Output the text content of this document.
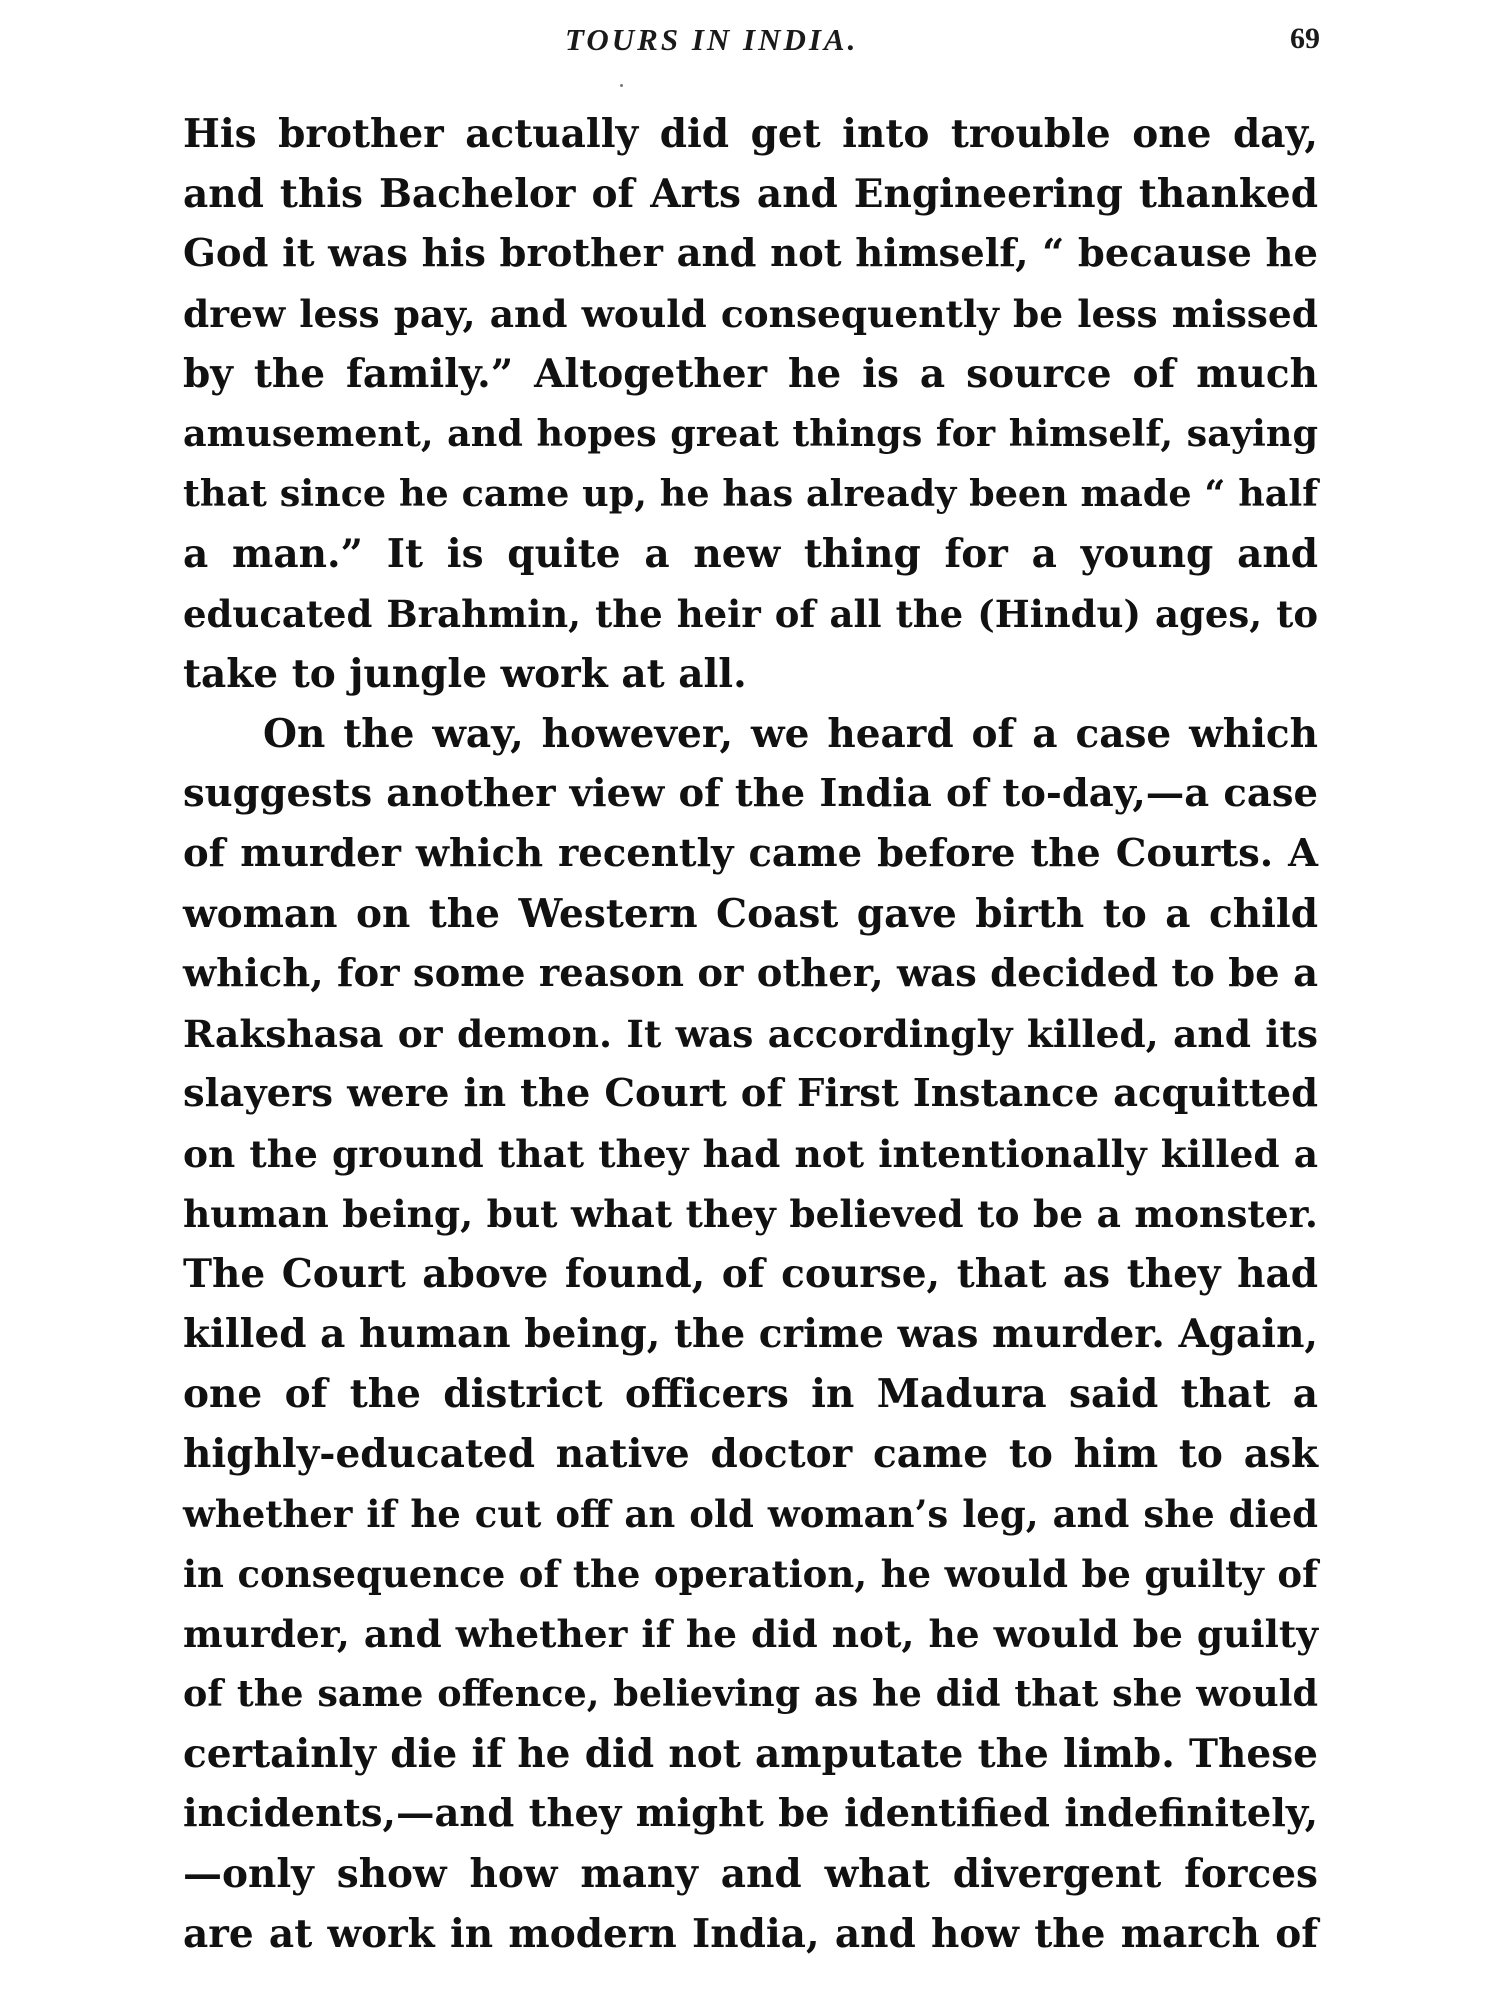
TOURS IN INDIA.	69
His brother actually did get into trouble one day,
and this Bachelor of Arts and Engineering thanked
God it was his brother and not himself, “ because he
drew less pay, and would consequently be less missed
by the family.” Altogether he is a source of much
amusement, and hopes great things for himself, saying
that since he came up, he has already been made “ half
a man.” It is quite a new thing for a young and
educated Brahmin, the heir of all the (Hindu) ages, to
take to jungle work at all.
On the way, however, we heard of a case which
suggests another view of the India of to-day,—a case
of murder which recently came before the Courts. A
woman on the Western Coast gave birth to a child
which, for some reason or other, was decided to be a
Rakshasa or demon. It was accordingly killed, and its
slayers were in the Court of First Instance acquitted
on the ground that they had not intentionally killed a
human being, but what they believed to be a monster.
The Court above found, of course, that as they had
killed a human being, the crime was murder. Again,
one of the district officers in Madura said that a
highly-educated native doctor came to him to ask
whether if he cut off an old woman’s leg, and she died
in consequence of the operation, he would be guilty of
murder, and whether if he did not, he would be guilty
of the same offence, believing as he did that she would
certainly die if he did not amputate the limb. These
incidents,—and they might be identified indefinitely,
—only show how many and what divergent forces
are at work in modern India, and how the march of
